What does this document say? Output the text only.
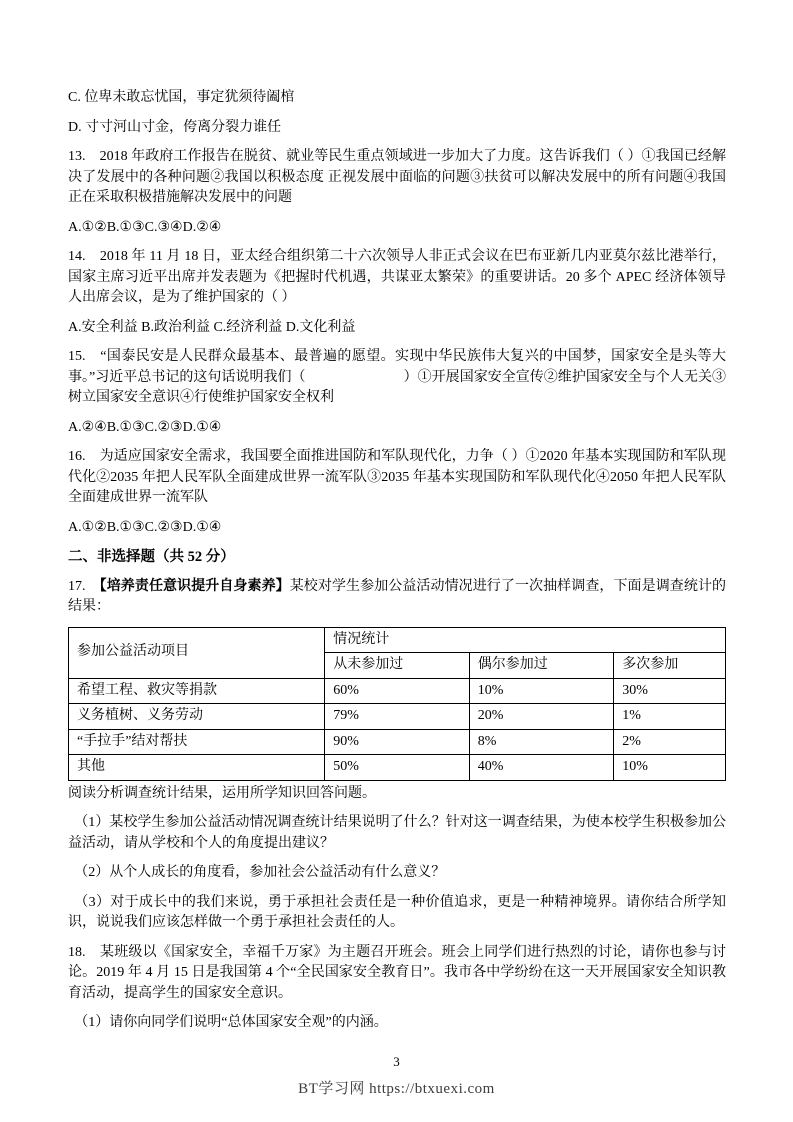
C. 位卑未敢忘忧国，事定犹须待阖棺

D. 寸寸河山寸金，侉离分裂力谁任

13.　2018 年政府工作报告在脱贫、就业等民生重点领域进一步加大了力度。这告诉我们（ ）①我国已经解决了发展中的各种问题②我国以积极态度 正视发展中面临的问题③扶贫可以解决发展中的所有问题④我国正在采取积极措施解决发展中的问题

A.①②B.①③C.③④D.②④

14.　2018 年 11 月 18 日，亚太经合组织第二十六次领导人非正式会议在巴布亚新几内亚莫尔兹比港举行，国家主席习近平出席并发表题为《把握时代机遇，共谋亚太繁荣》的重要讲话。20 多个 APEC 经济体领导人出席会议，是为了维护国家的（ ）

A.安全利益 B.政治利益 C.经济利益 D.文化利益

15.　“国泰民安是人民群众最基本、最普遍的愿望。实现中华民族伟大复兴的中国梦，国家安全是头等大事。”习近平总书记的这句话说明我们（　　　　　　　）①开展国家安全宣传②维护国家安全与个人无关③树立国家安全意识④行使维护国家安全权利

A.②④B.①③C.②③D.①④

16.　为适应国家安全需求，我国要全面推进国防和军队现代化，力争（ ）①2020 年基本实现国防和军队现代化②2035 年把人民军队全面建成世界一流军队③2035 年基本实现国防和军队现代化④2050 年把人民军队全面建成世界一流军队

A.①②B.①③C.②③D.①④

二、非选择题（共 52 分）

17.　【培养责任意识提升自身素养】某校对学生参加公益活动情况进行了一次抽样调查，下面是调查统计的结果：

参加公益活动项目	情况统计		
	从未参加过	偶尔参加过	多次参加
希望工程、救灾等捐款	60%	10%	30%
义务植树、义务劳动	79%	20%	1%
“手拉手”结对帮扶	90%	8%	2%
其他	50%	40%	10%

阅读分析调查统计结果，运用所学知识回答问题。

（1）某校学生参加公益活动情况调查统计结果说明了什么？针对这一调查结果，为使本校学生积极参加公益活动，请从学校和个人的角度提出建议？

（2）从个人成长的角度看，参加社会公益活动有什么意义？

（3）对于成长中的我们来说，勇于承担社会责任是一种价值追求，更是一种精神境界。请你结合所学知识，说说我们应该怎样做一个勇于承担社会责任的人。

18.　某班级以《国家安全，幸福千万家》为主题召开班会。班会上同学们进行热烈的讨论，请你也参与讨论。2019 年 4 月 15 日是我国第 4 个“全民国家安全教育日”。我市各中学纷纷在这一天开展国家安全知识教育活动，提高学生的国家安全意识。

（1）请你向同学们说明“总体国家安全观”的内涵。

3
BT学习网 https://btxuexi.com
